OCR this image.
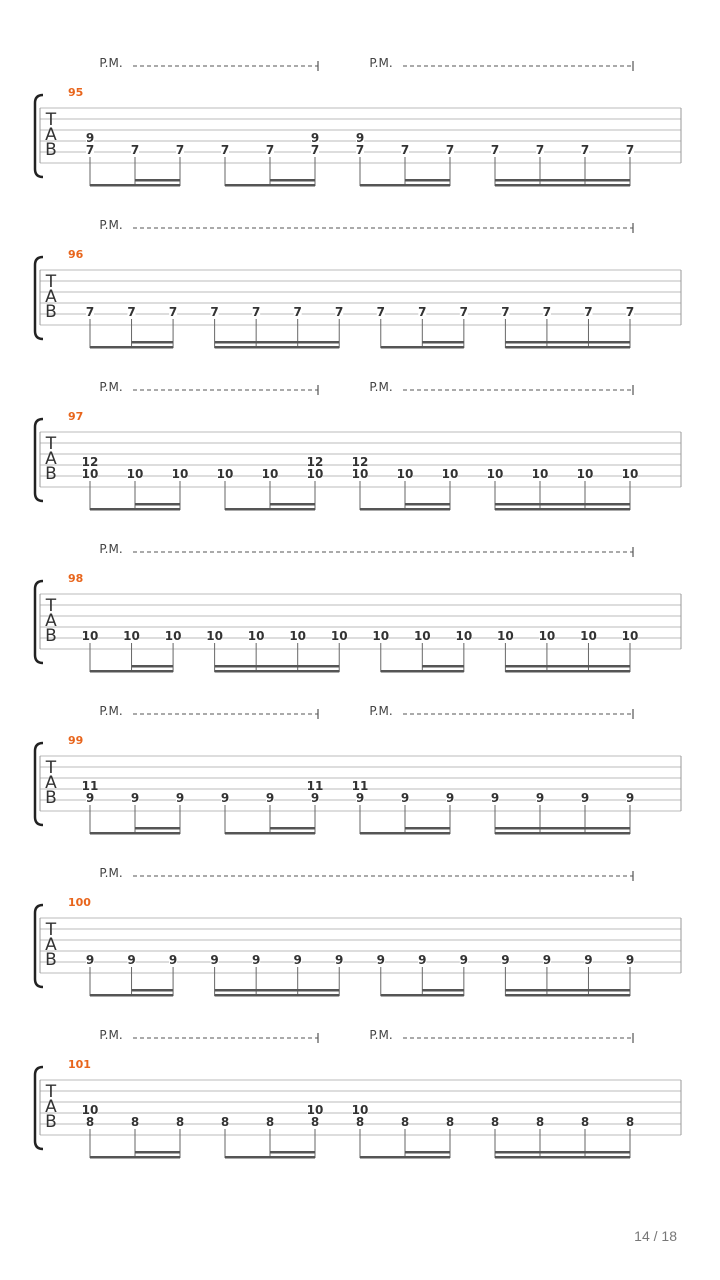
T
A
B
95
P.M.	P.M.
9
7	7	7	7	7
9
7
9
7	7	7	7	7	7	7
T
A
B
96
P.M.
7	7	7	7	7	7	7	7	7	7	7	7	7	7
T
A
B
97
P.M.	P.M.
12
10 10 10 10 10
12
10
12
10 10 10 10 10 10 10
T
A
B
98
P.M.
10 10 10 10 10 10 10 10 10 10 10 10 10 10
T
A
B
99
P.M.	P.M.
11
9	9	9	9	9
11
9
11
9	9	9	9	9	9	9
T
A
B
100
P.M.
9	9	9	9	9	9	9	9	9	9	9	9	9	9
T
A
B
101
P.M.	P.M.
10
8	8	8	8	8
10
8
10
8	8	8	8	8	8	8
14 / 18
